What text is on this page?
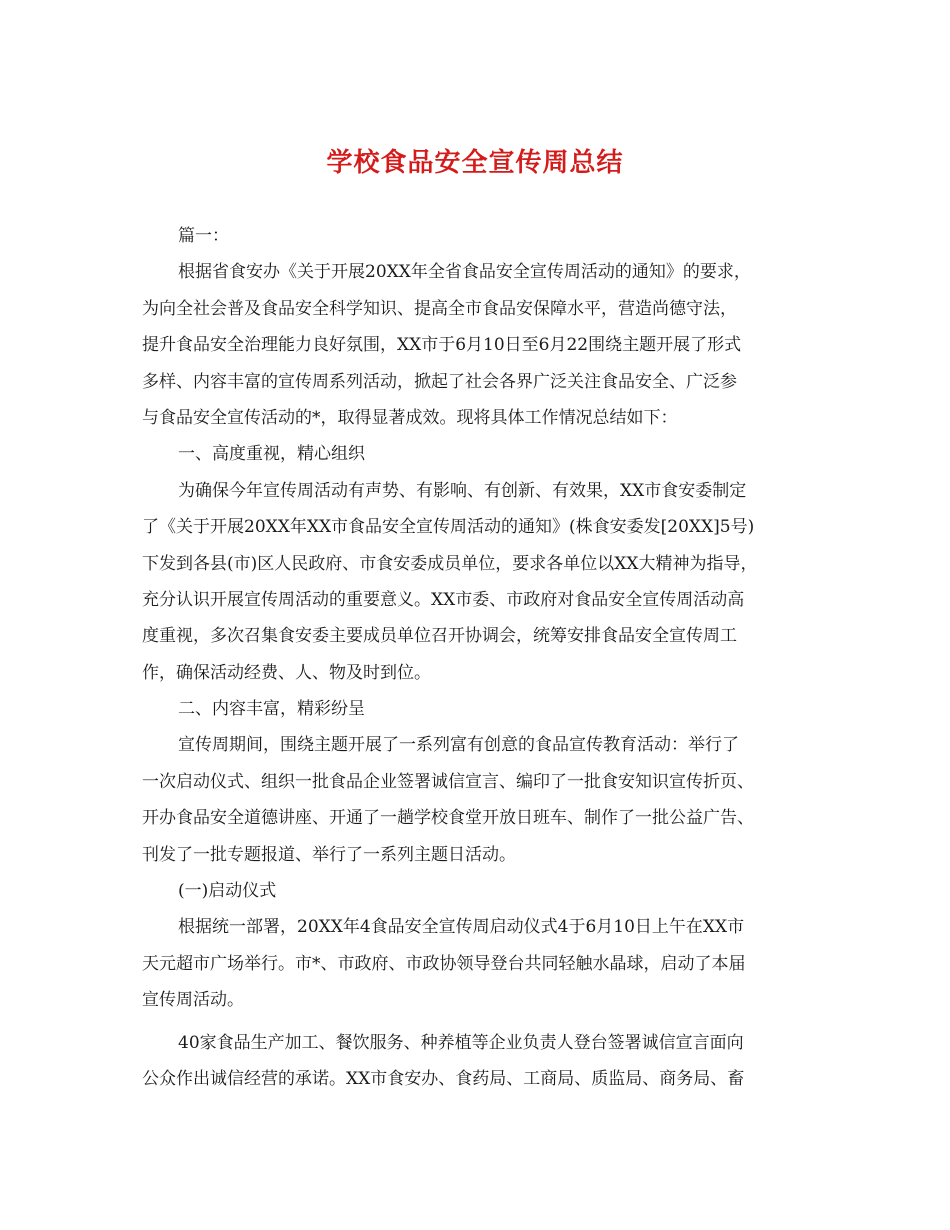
学校食品安全宣传周总结
篇一：
根据省食安办《关于开展20XX年全省食品安全宣传周活动的通知》的要求，
为向全社会普及食品安全科学知识、提高全市食品安保障水平，营造尚德守法，
提升食品安全治理能力良好氛围，XX市于6月10日至6月22围绕主题开展了形式
多样、内容丰富的宣传周系列活动，掀起了社会各界广泛关注食品安全、广泛参
与食品安全宣传活动的*，取得显著成效。现将具体工作情况总结如下：
一、高度重视，精心组织
为确保今年宣传周活动有声势、有影响、有创新、有效果，XX市食安委制定
了《关于开展20XX年XX市食品安全宣传周活动的通知》(株食安委发[20XX]5号)
下发到各县(市)区人民政府、市食安委成员单位，要求各单位以XX大精神为指导，
充分认识开展宣传周活动的重要意义。XX市委、市政府对食品安全宣传周活动高
度重视，多次召集食安委主要成员单位召开协调会，统筹安排食品安全宣传周工
作，确保活动经费、人、物及时到位。
二、内容丰富，精彩纷呈
宣传周期间，围绕主题开展了一系列富有创意的食品宣传教育活动：举行了
一次启动仪式、组织一批食品企业签署诚信宣言、编印了一批食安知识宣传折页、
开办食品安全道德讲座、开通了一趟学校食堂开放日班车、制作了一批公益广告、
刊发了一批专题报道、举行了一系列主题日活动。
(一)启动仪式
根据统一部署，20XX年4食品安全宣传周启动仪式4于6月10日上午在XX市
天元超市广场举行。市*、市政府、市政协领导登台共同轻触水晶球，启动了本届
宣传周活动。
40家食品生产加工、餐饮服务、种养植等企业负责人登台签署诚信宣言面向
公众作出诚信经营的承诺。XX市食安办、食药局、工商局、质监局、商务局、畜
